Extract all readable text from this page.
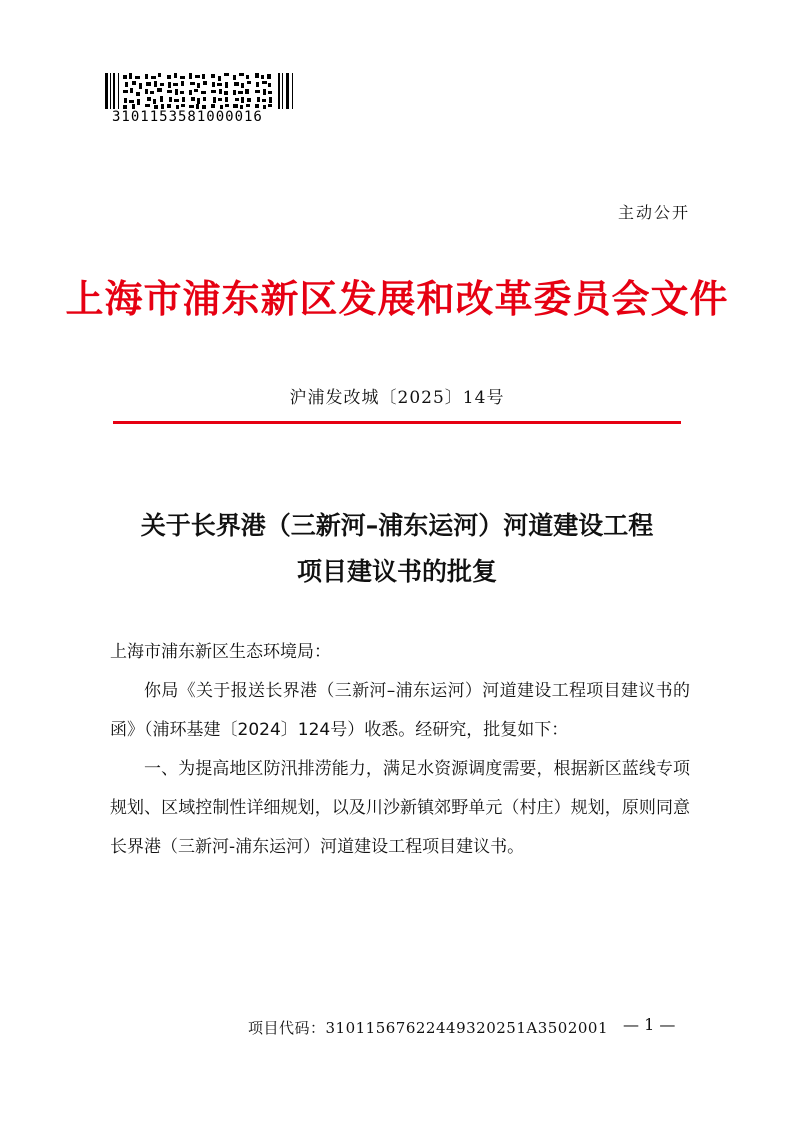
3101153581000016
主动公开
上海市浦东新区发展和改革委员会文件
沪浦发改城〔2025〕14号
关于长界港（三新河–浦东运河）河道建设工程
项目建议书的批复

上海市浦东新区生态环境局：

你局《关于报送长界港（三新河–浦东运河）河道建设工程项目建议书的函》（浦环基建〔2024〕124号）收悉。经研究，批复如下：

一、为提高地区防汛排涝能力，满足水资源调度需要，根据新区蓝线专项规划、区域控制性详细规划，以及川沙新镇郊野单元（村庄）规划，原则同意长界港（三新河-浦东运河）河道建设工程项目建议书。

项目代码：31011567622449320251A3502001 — 1 —
